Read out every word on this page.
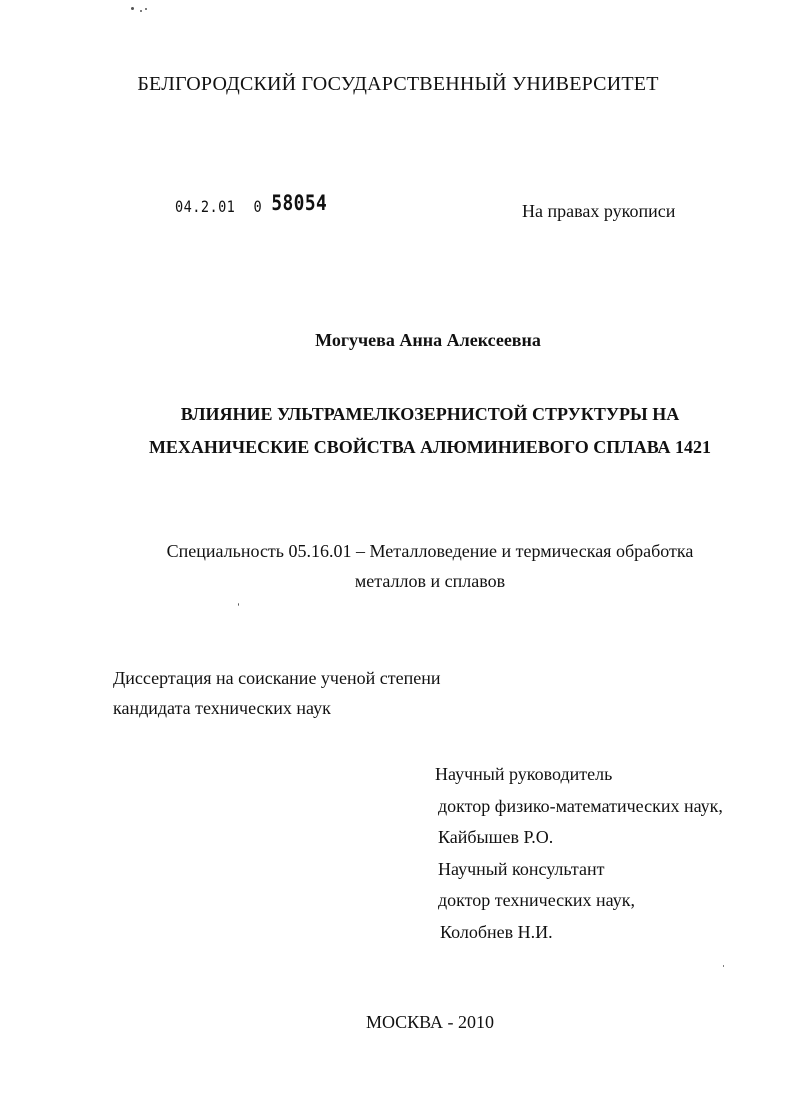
БЕЛГОРОДСКИЙ ГОСУДАРСТВЕННЫЙ УНИВЕРСИТЕТ
04.2.01 0 58054	На правах рукописи
Могучева Анна Алексеевна
ВЛИЯНИЕ УЛЬТРАМЕЛКОЗЕРНИСТОЙ СТРУКТУРЫ НА
МЕХАНИЧЕСКИЕ СВОЙСТВА АЛЮМИНИЕВОГО СПЛАВА 1421
Специальность 05.16.01 – Металловедение и термическая обработка
металлов и сплавов
Диссертация на соискание ученой степени
кандидата технических наук
Научный руководитель
доктор физико-математических наук,
Кайбышев Р.О.
Научный консультант
доктор технических наук,
Колобнев Н.И.
МОСКВА - 2010
